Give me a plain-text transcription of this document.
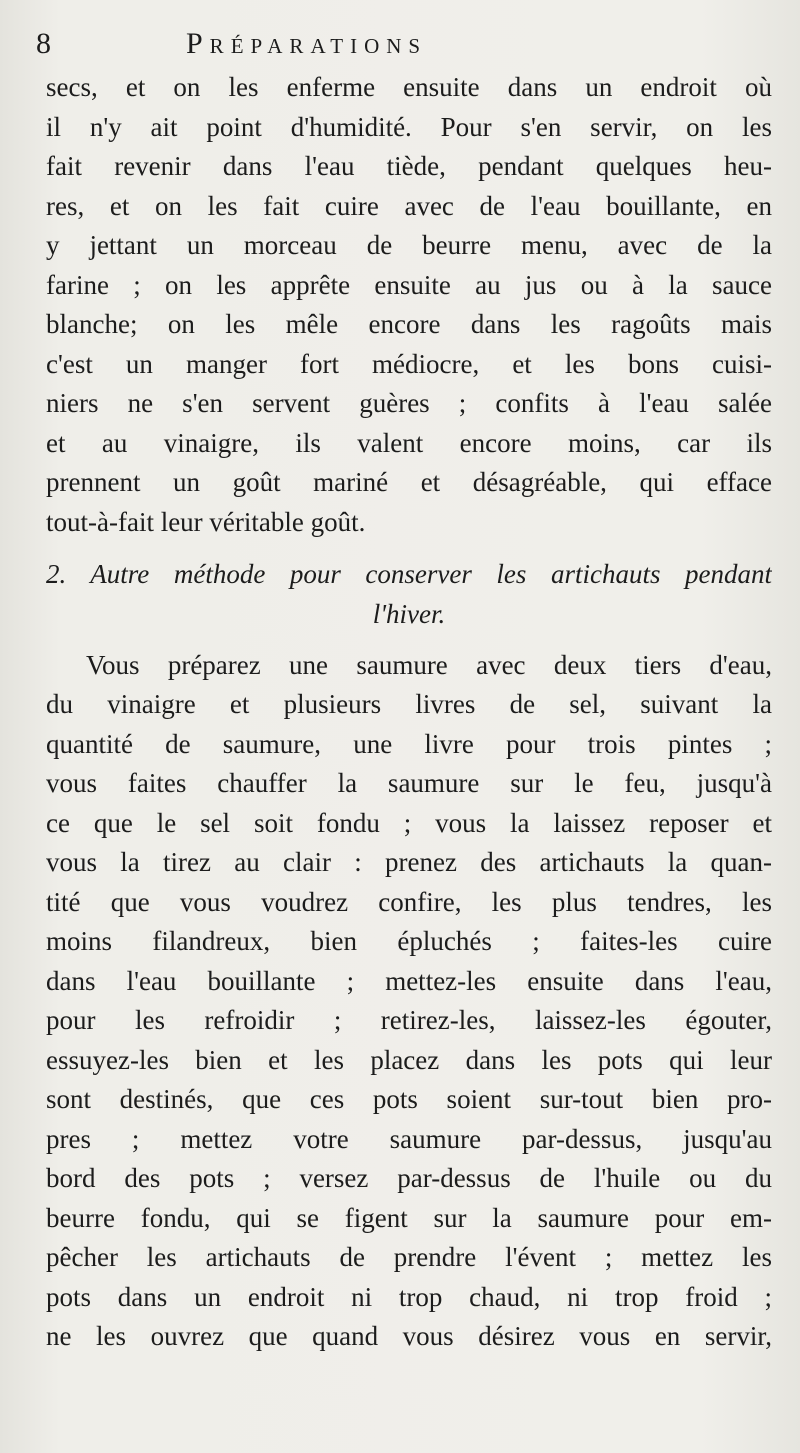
8	Préparations
secs, et on les enferme ensuite dans un endroit où
il n'y ait point d'humidité. Pour s'en servir, on les
fait revenir dans l'eau tiède, pendant quelques heu-
res, et on les fait cuire avec de l'eau bouillante, en
y jettant un morceau de beurre menu, avec de la
farine ; on les apprête ensuite au jus ou à la sauce
blanche; on les mêle encore dans les ragoûts mais
c'est un manger fort médiocre, et les bons cuisi-
niers ne s'en servent guères ; confits à l'eau salée
et au vinaigre, ils valent encore moins, car ils
prennent un goût mariné et désagréable, qui efface
tout-à-fait leur véritable goût.
2. Autre méthode pour conserver les artichauts pendant
l'hiver.
Vous préparez une saumure avec deux tiers d'eau,
du vinaigre et plusieurs livres de sel, suivant la
quantité de saumure, une livre pour trois pintes ;
vous faites chauffer la saumure sur le feu, jusqu'à
ce que le sel soit fondu ; vous la laissez reposer et
vous la tirez au clair : prenez des artichauts la quan-
tité que vous voudrez confire, les plus tendres, les
moins filandreux, bien épluchés ; faites-les cuire
dans l'eau bouillante ; mettez-les ensuite dans l'eau,
pour les refroidir ; retirez-les, laissez-les égouter,
essuyez-les bien et les placez dans les pots qui leur
sont destinés, que ces pots soient sur-tout bien pro-
pres ; mettez votre saumure par-dessus, jusqu'au
bord des pots ; versez par-dessus de l'huile ou du
beurre fondu, qui se figent sur la saumure pour em-
pêcher les artichauts de prendre l'évent ; mettez les
pots dans un endroit ni trop chaud, ni trop froid ;
ne les ouvrez que quand vous désirez vous en servir,
